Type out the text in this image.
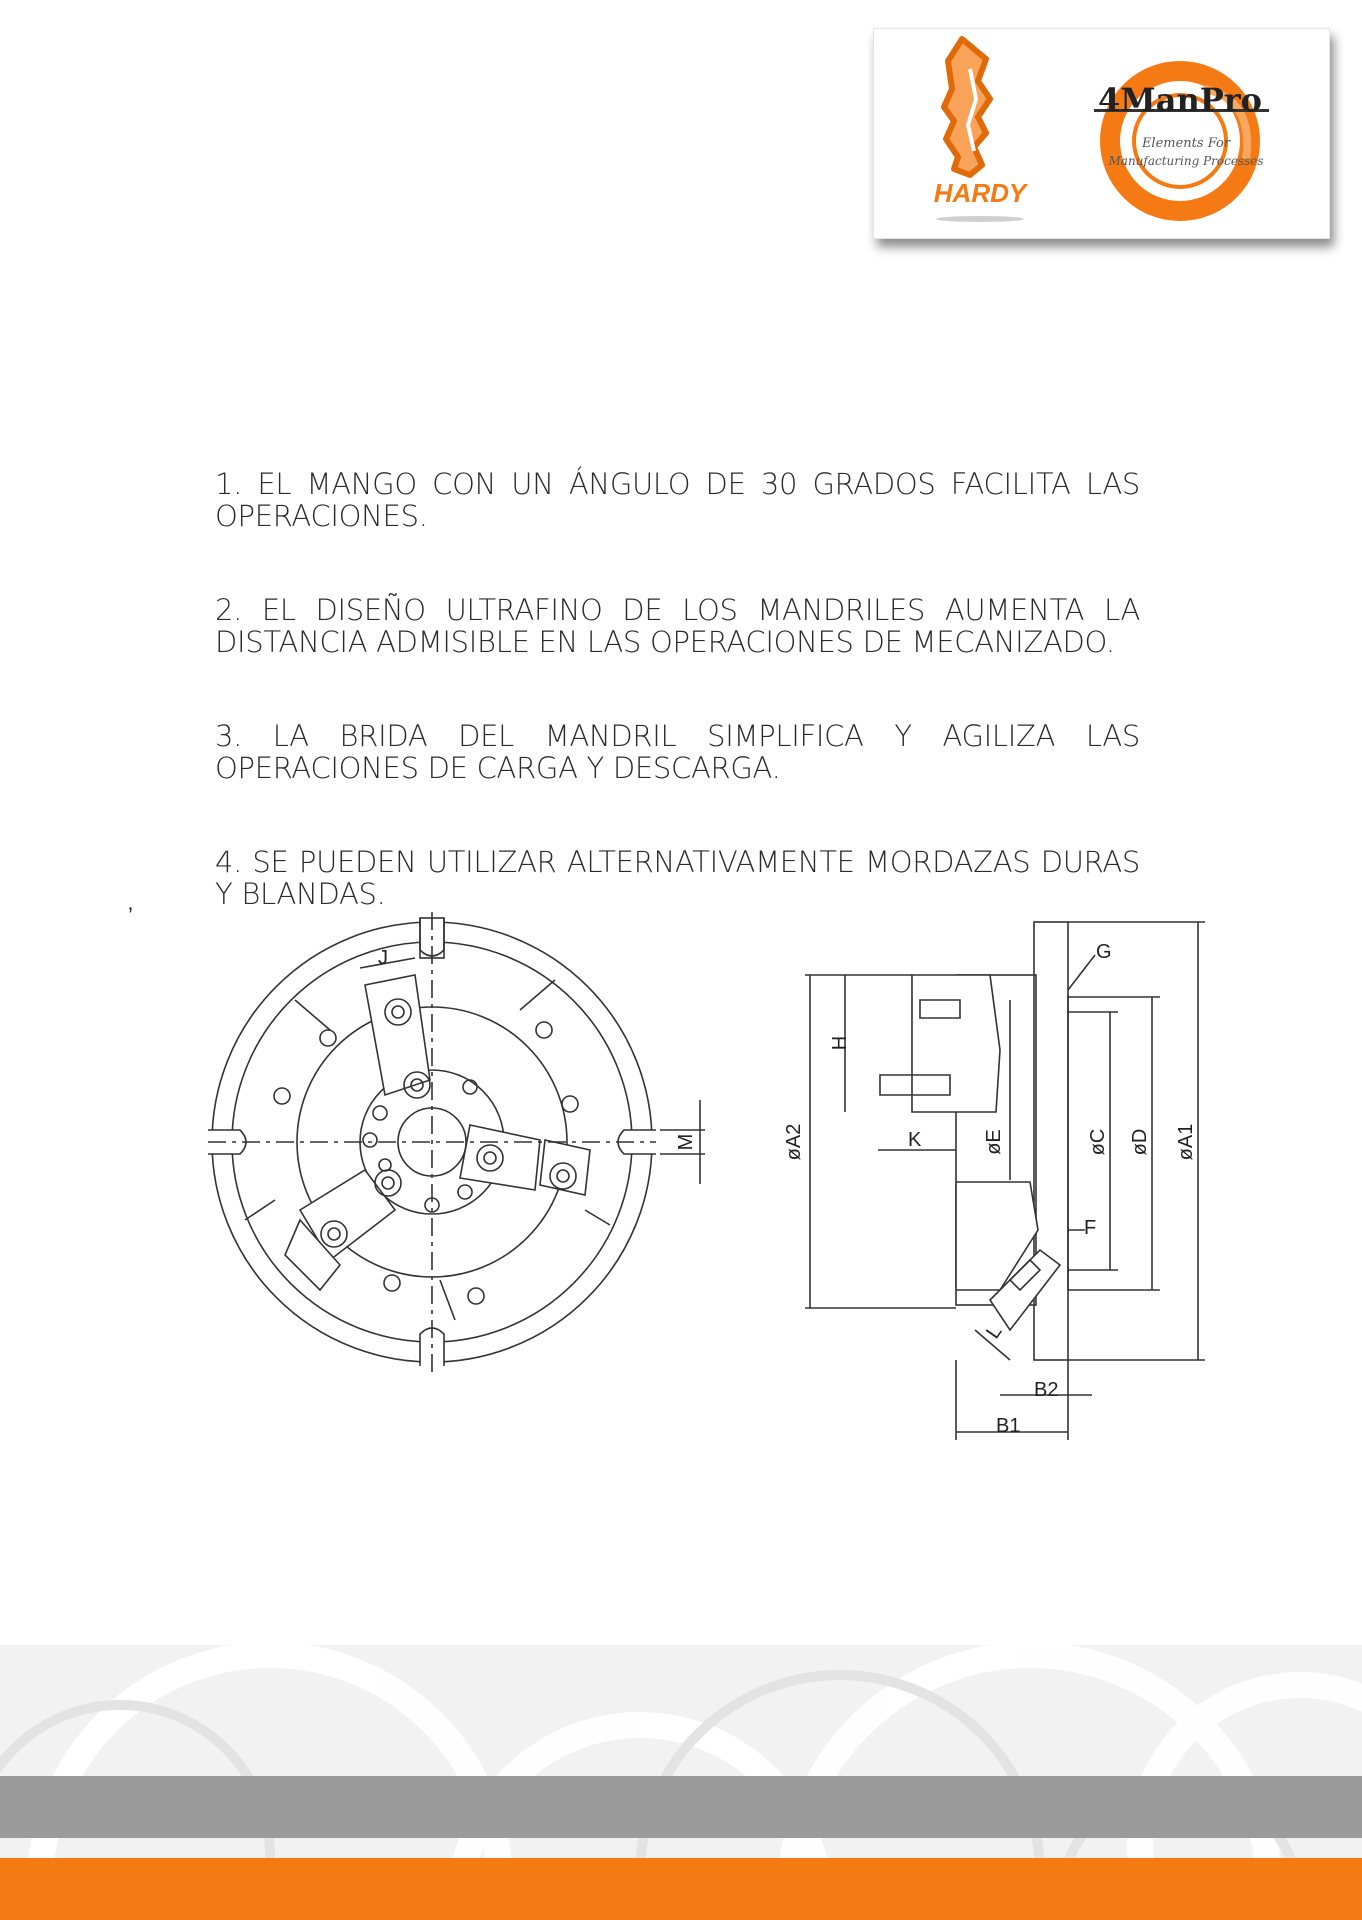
HARDY
4ManPro
Elements For
Manufacturing Processes

1. EL MANGO CON UN ÁNGULO DE 30 GRADOS FACILITA LAS OPERACIONES.

2. EL DISEÑO ULTRAFINO DE LOS MANDRILES AUMENTA LA DISTANCIA ADMISIBLE EN LAS OPERACIONES DE MECANIZADO.

3. LA BRIDA DEL MANDRIL SIMPLIFICA Y AGILIZA LAS OPERACIONES DE CARGA Y DESCARGA.

4. SE PUEDEN UTILIZAR ALTERNATIVAMENTE MORDAZAS DURAS Y BLANDAS.

’
J
M
G
H
øA2	K	øE	øC øD øA1
F
L
B2
B1
